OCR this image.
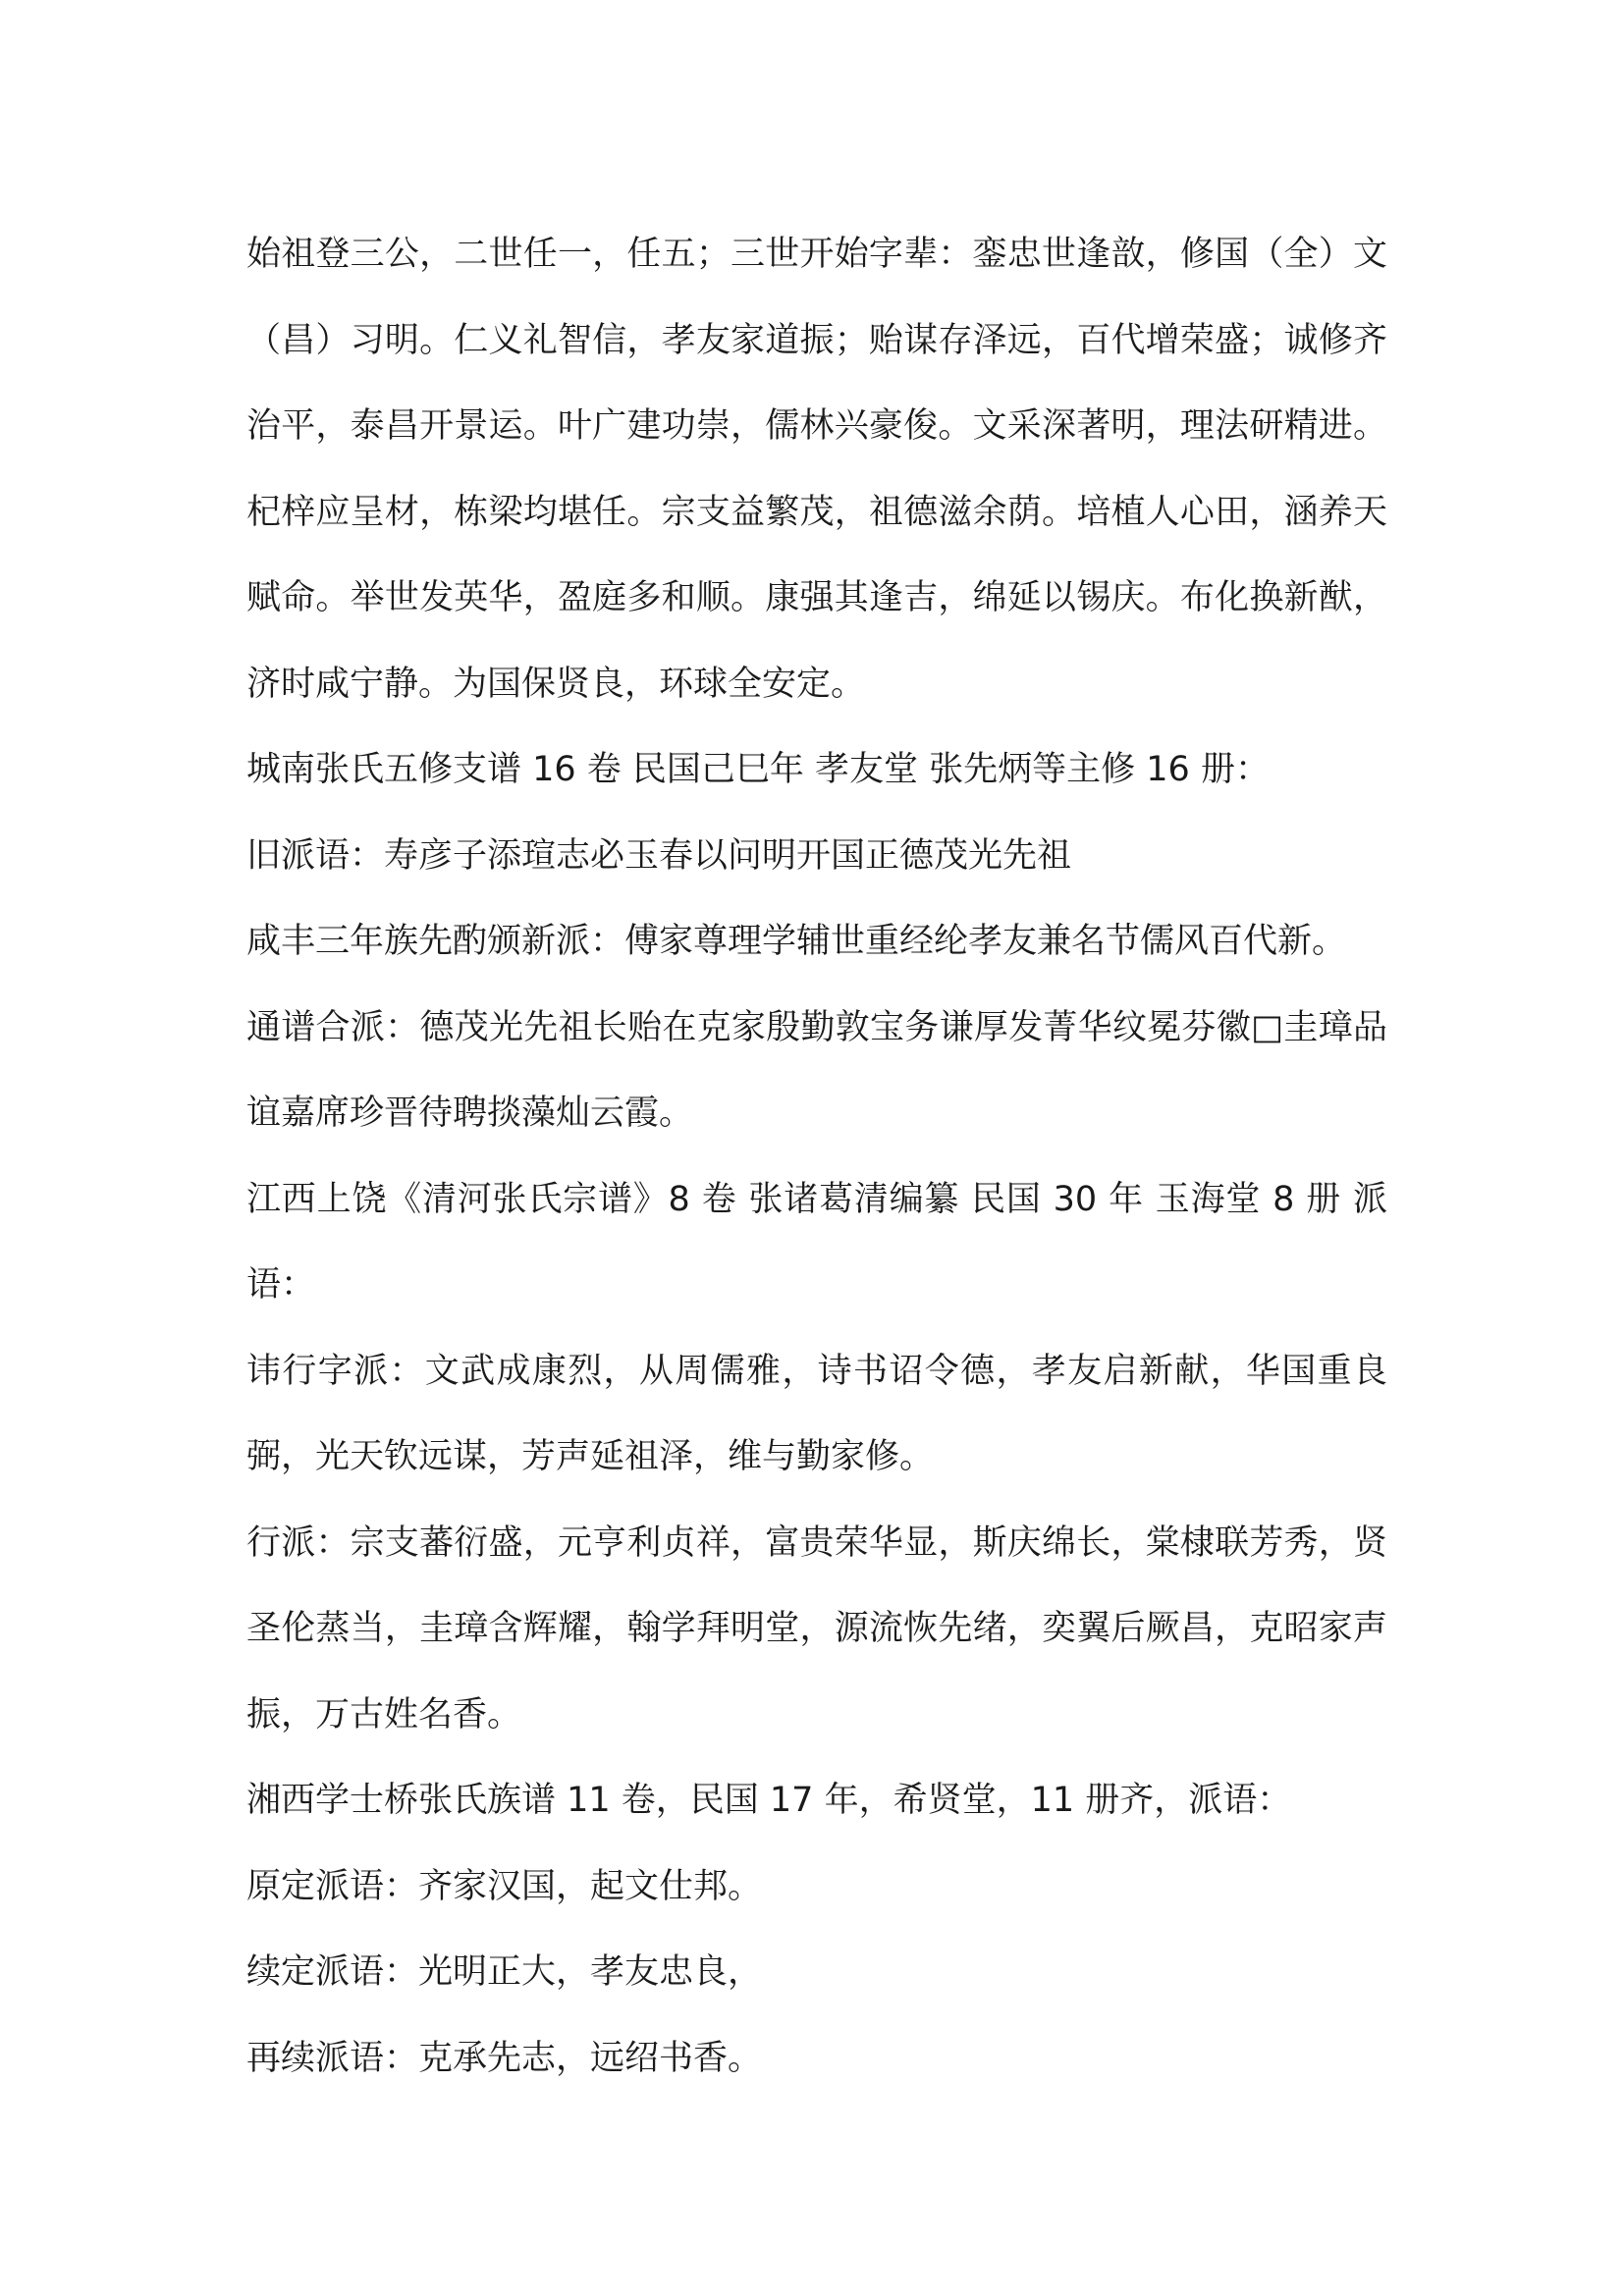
始祖登三公，二世任一，任五；三世开始字辈：銮忠世逢敨，修国（全）文（昌）习明。仁义礼智信，孝友家道振；贻谋存泽远，百代增荣盛；诚修齐治平，泰昌开景运。叶广建功崇，儒林兴豪俊。文采深著明，理法研精进。杞梓应呈材，栋梁均堪任。宗支益繁茂，祖德滋余荫。培植人心田，涵养天赋命。举世发英华，盈庭多和顺。康强其逢吉，绵延以锡庆。布化换新猷，济时咸宁静。为国保贤良，环球全安定。

城南张氏五修支谱 16 卷 民国己巳年 孝友堂 张先炳等主修 16 册：

旧派语：寿彦子添瑄志必玉春以问明开国正德茂光先祖

咸丰三年族先酌颁新派：傅家尊理学辅世重经纶孝友兼名节儒风百代新。

通谱合派：德茂光先祖长贻在克家殷勤敦宝务谦厚发菁华纹冕芬徽□圭璋品谊嘉席珍晋待聘掞藻灿云霞。

江西上饶《清河张氏宗谱》8 卷 张诸葛清编纂 民国 30 年 玉海堂 8 册 派语：

讳行字派：文武成康烈，从周儒雅，诗书诏令德，孝友启新献，华国重良弼，光天钦远谋，芳声延祖泽，维与勤家修。

行派：宗支蕃衍盛，元亨利贞祥，富贵荣华显，斯庆绵长，棠棣联芳秀，贤圣伦蒸当，圭璋含辉耀，翰学拜明堂，源流恢先绪，奕翼后厥昌，克昭家声振，万古姓名香。

湘西学士桥张氏族谱 11 卷，民国 17 年，希贤堂，11 册齐，派语：

原定派语：齐家汉国，起文仕邦。

续定派语：光明正大，孝友忠良，

再续派语：克承先志，远绍书香。
